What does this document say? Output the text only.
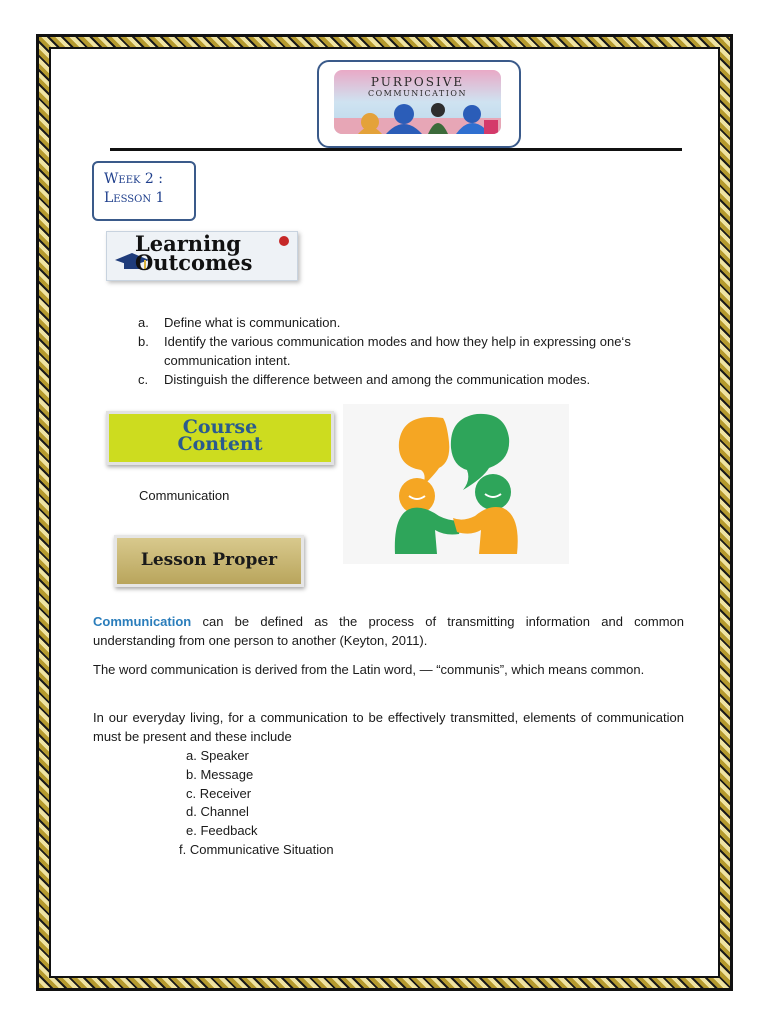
PURPOSIVE
COMMUNICATION
Week 2 :
Lesson 1
Learning
Outcomes
a. Define what is communication.
b. Identify the various communication modes and how they help in expressing one‘s communication intent.
c. Distinguish the difference between and among the communication modes.
Course
Content
Communication
Lesson Proper
Communication can be defined as the process of transmitting information and common understanding from one person to another (Keyton, 2011).
The word communication is derived from the Latin word, ― “communis”, which means common.
In our everyday living, for a communication to be effectively transmitted, elements of communication must be present and these include
a. Speaker
b. Message
c. Receiver
d. Channel
e. Feedback
f. Communicative Situation
